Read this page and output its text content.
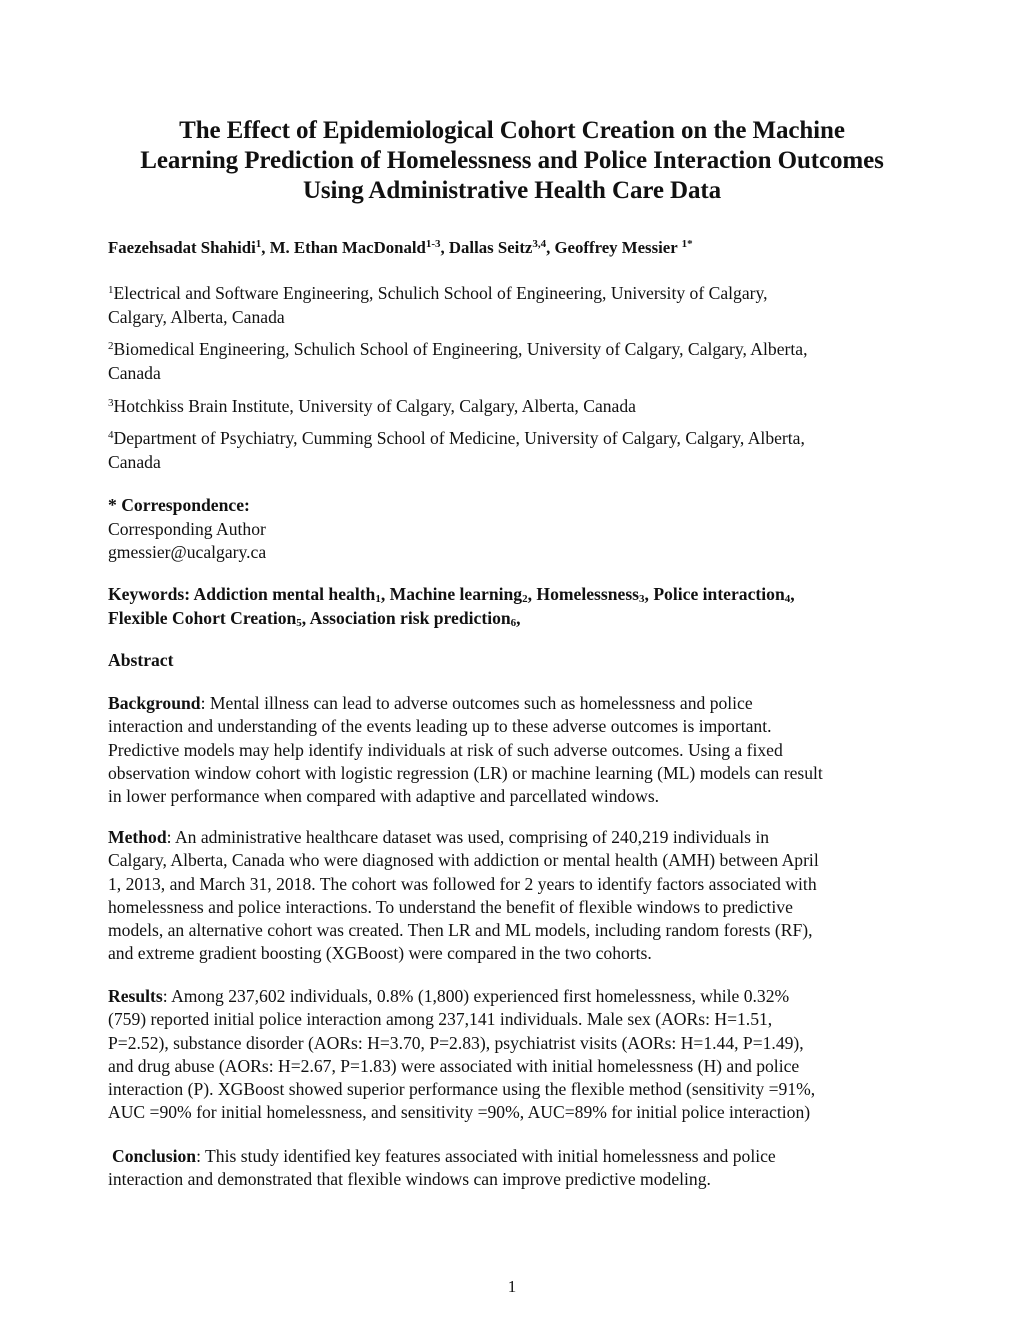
The Effect of Epidemiological Cohort Creation on the Machine
Learning Prediction of Homelessness and Police Interaction Outcomes
Using Administrative Health Care Data
Faezehsadat Shahidi$^1$, M. Ethan MacDonald$^{1-3}$, Dallas Seitz$^{3,4}$, Geoffrey Messier $^{1*}$
$^1$Electrical and Software Engineering, Schulich School of Engineering, University of Calgary,
Calgary, Alberta, Canada
$^2$Biomedical Engineering, Schulich School of Engineering, University of Calgary, Calgary, Alberta,
Canada
$^3$Hotchkiss Brain Institute, University of Calgary, Calgary, Alberta, Canada
$^4$Department of Psychiatry, Cumming School of Medicine, University of Calgary, Calgary, Alberta,
Canada
* Correspondence:
Corresponding Author
gmessier@ucalgary.ca
Keywords: Addiction mental health$_1$, Machine learning$_2$, Homelessness$_3$, Police interaction$_4$,
Flexible Cohort Creation$_5$, Association risk prediction$_6$,
Abstract
Background: Mental illness can lead to adverse outcomes such as homelessness and police
interaction and understanding of the events leading up to these adverse outcomes is important.
Predictive models may help identify individuals at risk of such adverse outcomes. Using a fixed
observation window cohort with logistic regression (LR) or machine learning (ML) models can result
in lower performance when compared with adaptive and parcellated windows.
Method: An administrative healthcare dataset was used, comprising of 240,219 individuals in
Calgary, Alberta, Canada who were diagnosed with addiction or mental health (AMH) between April
1, 2013, and March 31, 2018. The cohort was followed for 2 years to identify factors associated with
homelessness and police interactions. To understand the benefit of flexible windows to predictive
models, an alternative cohort was created. Then LR and ML models, including random forests (RF),
and extreme gradient boosting (XGBoost) were compared in the two cohorts.
Results: Among 237,602 individuals, 0.8% (1,800) experienced first homelessness, while 0.32%
(759) reported initial police interaction among 237,141 individuals. Male sex (AORs: H=1.51,
P=2.52), substance disorder (AORs: H=3.70, P=2.83), psychiatrist visits (AORs: H=1.44, P=1.49),
and drug abuse (AORs: H=2.67, P=1.83) were associated with initial homelessness (H) and police
interaction (P). XGBoost showed superior performance using the flexible method (sensitivity =91%,
AUC =90% for initial homelessness, and sensitivity =90%, AUC=89% for initial police interaction)
Conclusion: This study identified key features associated with initial homelessness and police
interaction and demonstrated that flexible windows can improve predictive modeling.
1
